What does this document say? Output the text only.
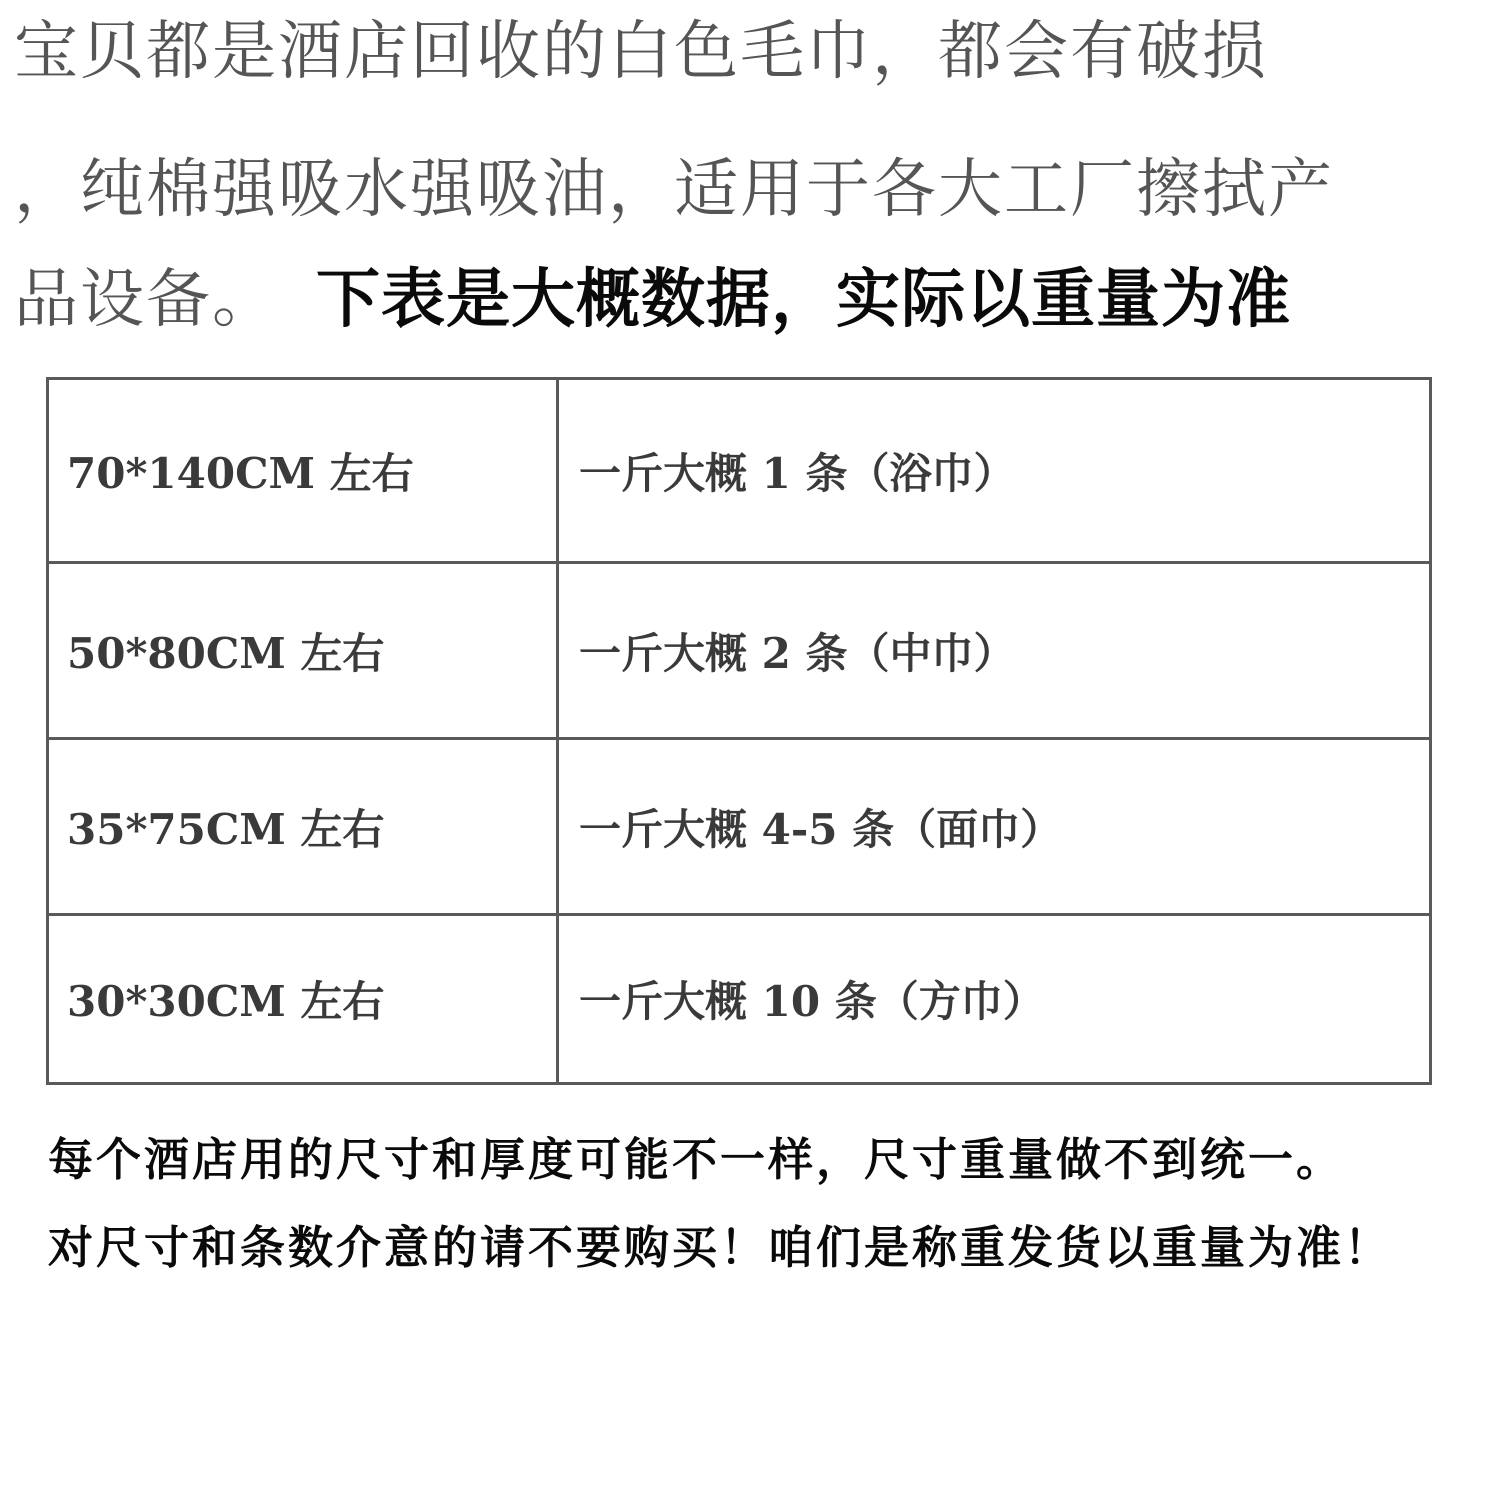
宝贝都是酒店回收的白色毛巾，都会有破损
，纯棉强吸水强吸油，适用于各大工厂擦拭产
品设备。 下表是大概数据，实际以重量为准
70*140CM 左右	一斤大概 1 条（浴巾）
50*80CM 左右	一斤大概 2 条（中巾）
35*75CM 左右	一斤大概 4-5 条（面巾）
30*30CM 左右	一斤大概 10 条（方巾）
每个酒店用的尺寸和厚度可能不一样，尺寸重量做不到统一。
对尺寸和条数介意的请不要购买！咱们是称重发货以重量为准！
